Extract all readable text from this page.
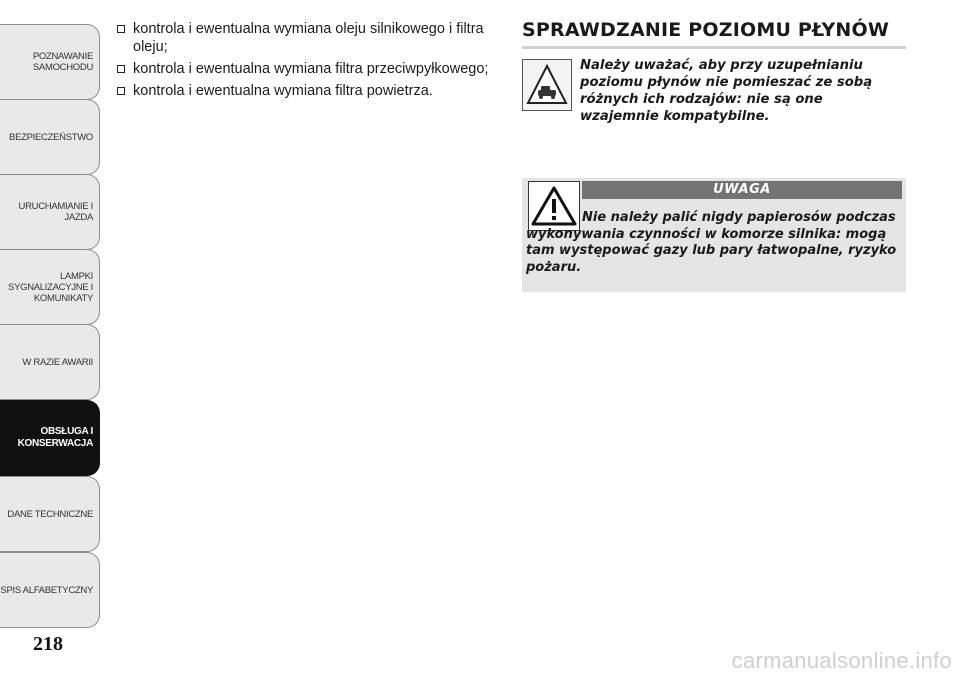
POZNAWANIE
SAMOCHODU
BEZPIECZEŃSTWO
URUCHAMIANIE I
JAZDA
LAMPKI
SYGNALIZACYJNE I
KOMUNIKATY
W RAZIE AWARII
OBSŁUGA I
KONSERWACJA
DANE TECHNICZNE
SPIS ALFABETYCZNY
218
kontrola i ewentualna wymiana oleju silnikowego i filtra oleju;
kontrola i ewentualna wymiana filtra przeciwpyłkowego;
kontrola i ewentualna wymiana filtra powietrza.
SPRAWDZANIE POZIOMU PŁYNÓW
Należy uważać, aby przy uzupełnianiu poziomu płynów nie pomieszać ze sobą różnych ich rodzajów: nie są one wzajemnie kompatybilne.
UWAGA
Nie należy palić nigdy papierosów podczas wykonywania czynności w komorze silnika: mogą tam występować gazy lub pary łatwopalne, ryzyko pożaru.
carmanualsonline.info
